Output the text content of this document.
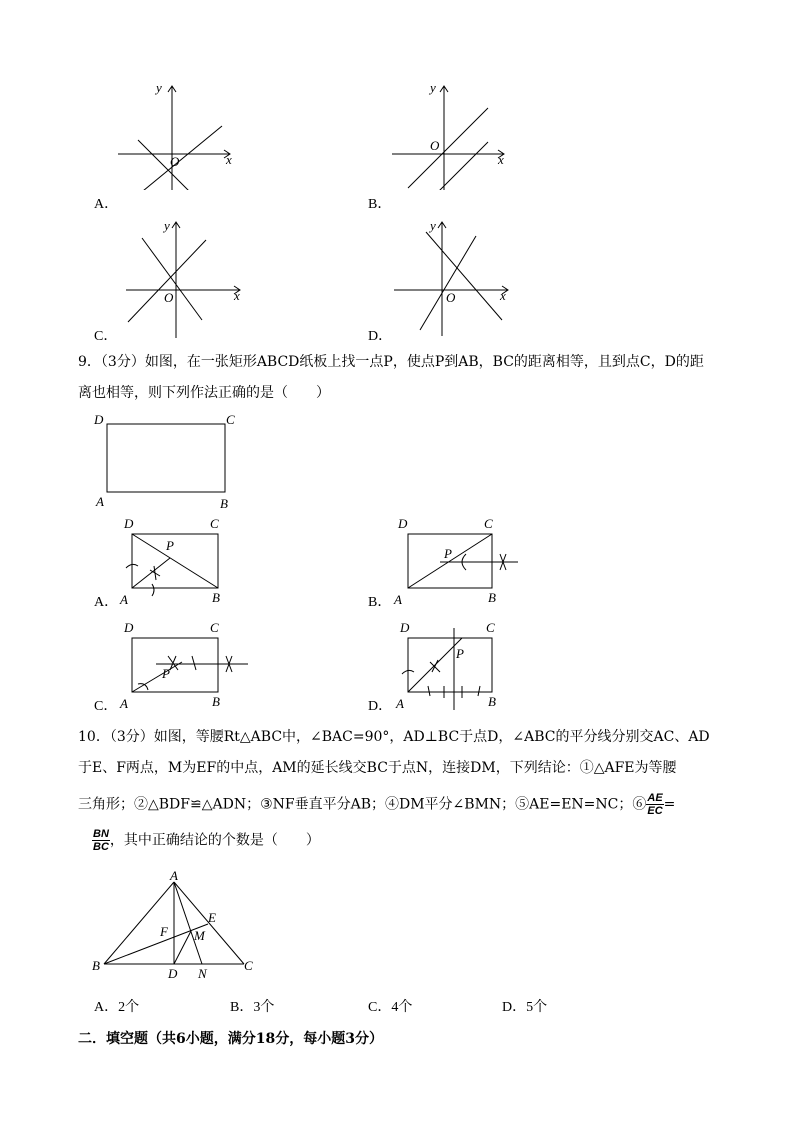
x
y
O
A．
x
y
O
B．
x
y
O
C．
x
y
O
D．
9．（3分）如图，在一张矩形ABCD纸板上找一点P，使点P到AB，BC的距离相等，且到点C，D的距
离也相等，则下列作法正确的是（　　）
D	C
A	B
D	C
A	B
P
A．
D	C
A	B
P
B．
D	C
A	B
P
C．
D	C
A	B
P
D．
10．（3分）如图，等腰Rt△ABC中，∠BAC=90°，AD⊥BC于点D，∠ABC的平分线分别交AC、AD
于E、F两点，M为EF的中点，AM的延长线交BC于点N，连接DM，下列结论：①△AFE为等腰
三角形；②△BDF≌△ADN；③NF垂直平分AB；④DM平分∠BMN；⑤AE=EN=NC；⑥ $\frac{AE}{EC}$ =
$\frac{BN}{BC}$ ，其中正确结论的个数是（　　）
A
B	C
D
E
F M
N
A．2个	B．3个	C．4个	D．5个
二．填空题（共6小题，满分18分，每小题3分）
